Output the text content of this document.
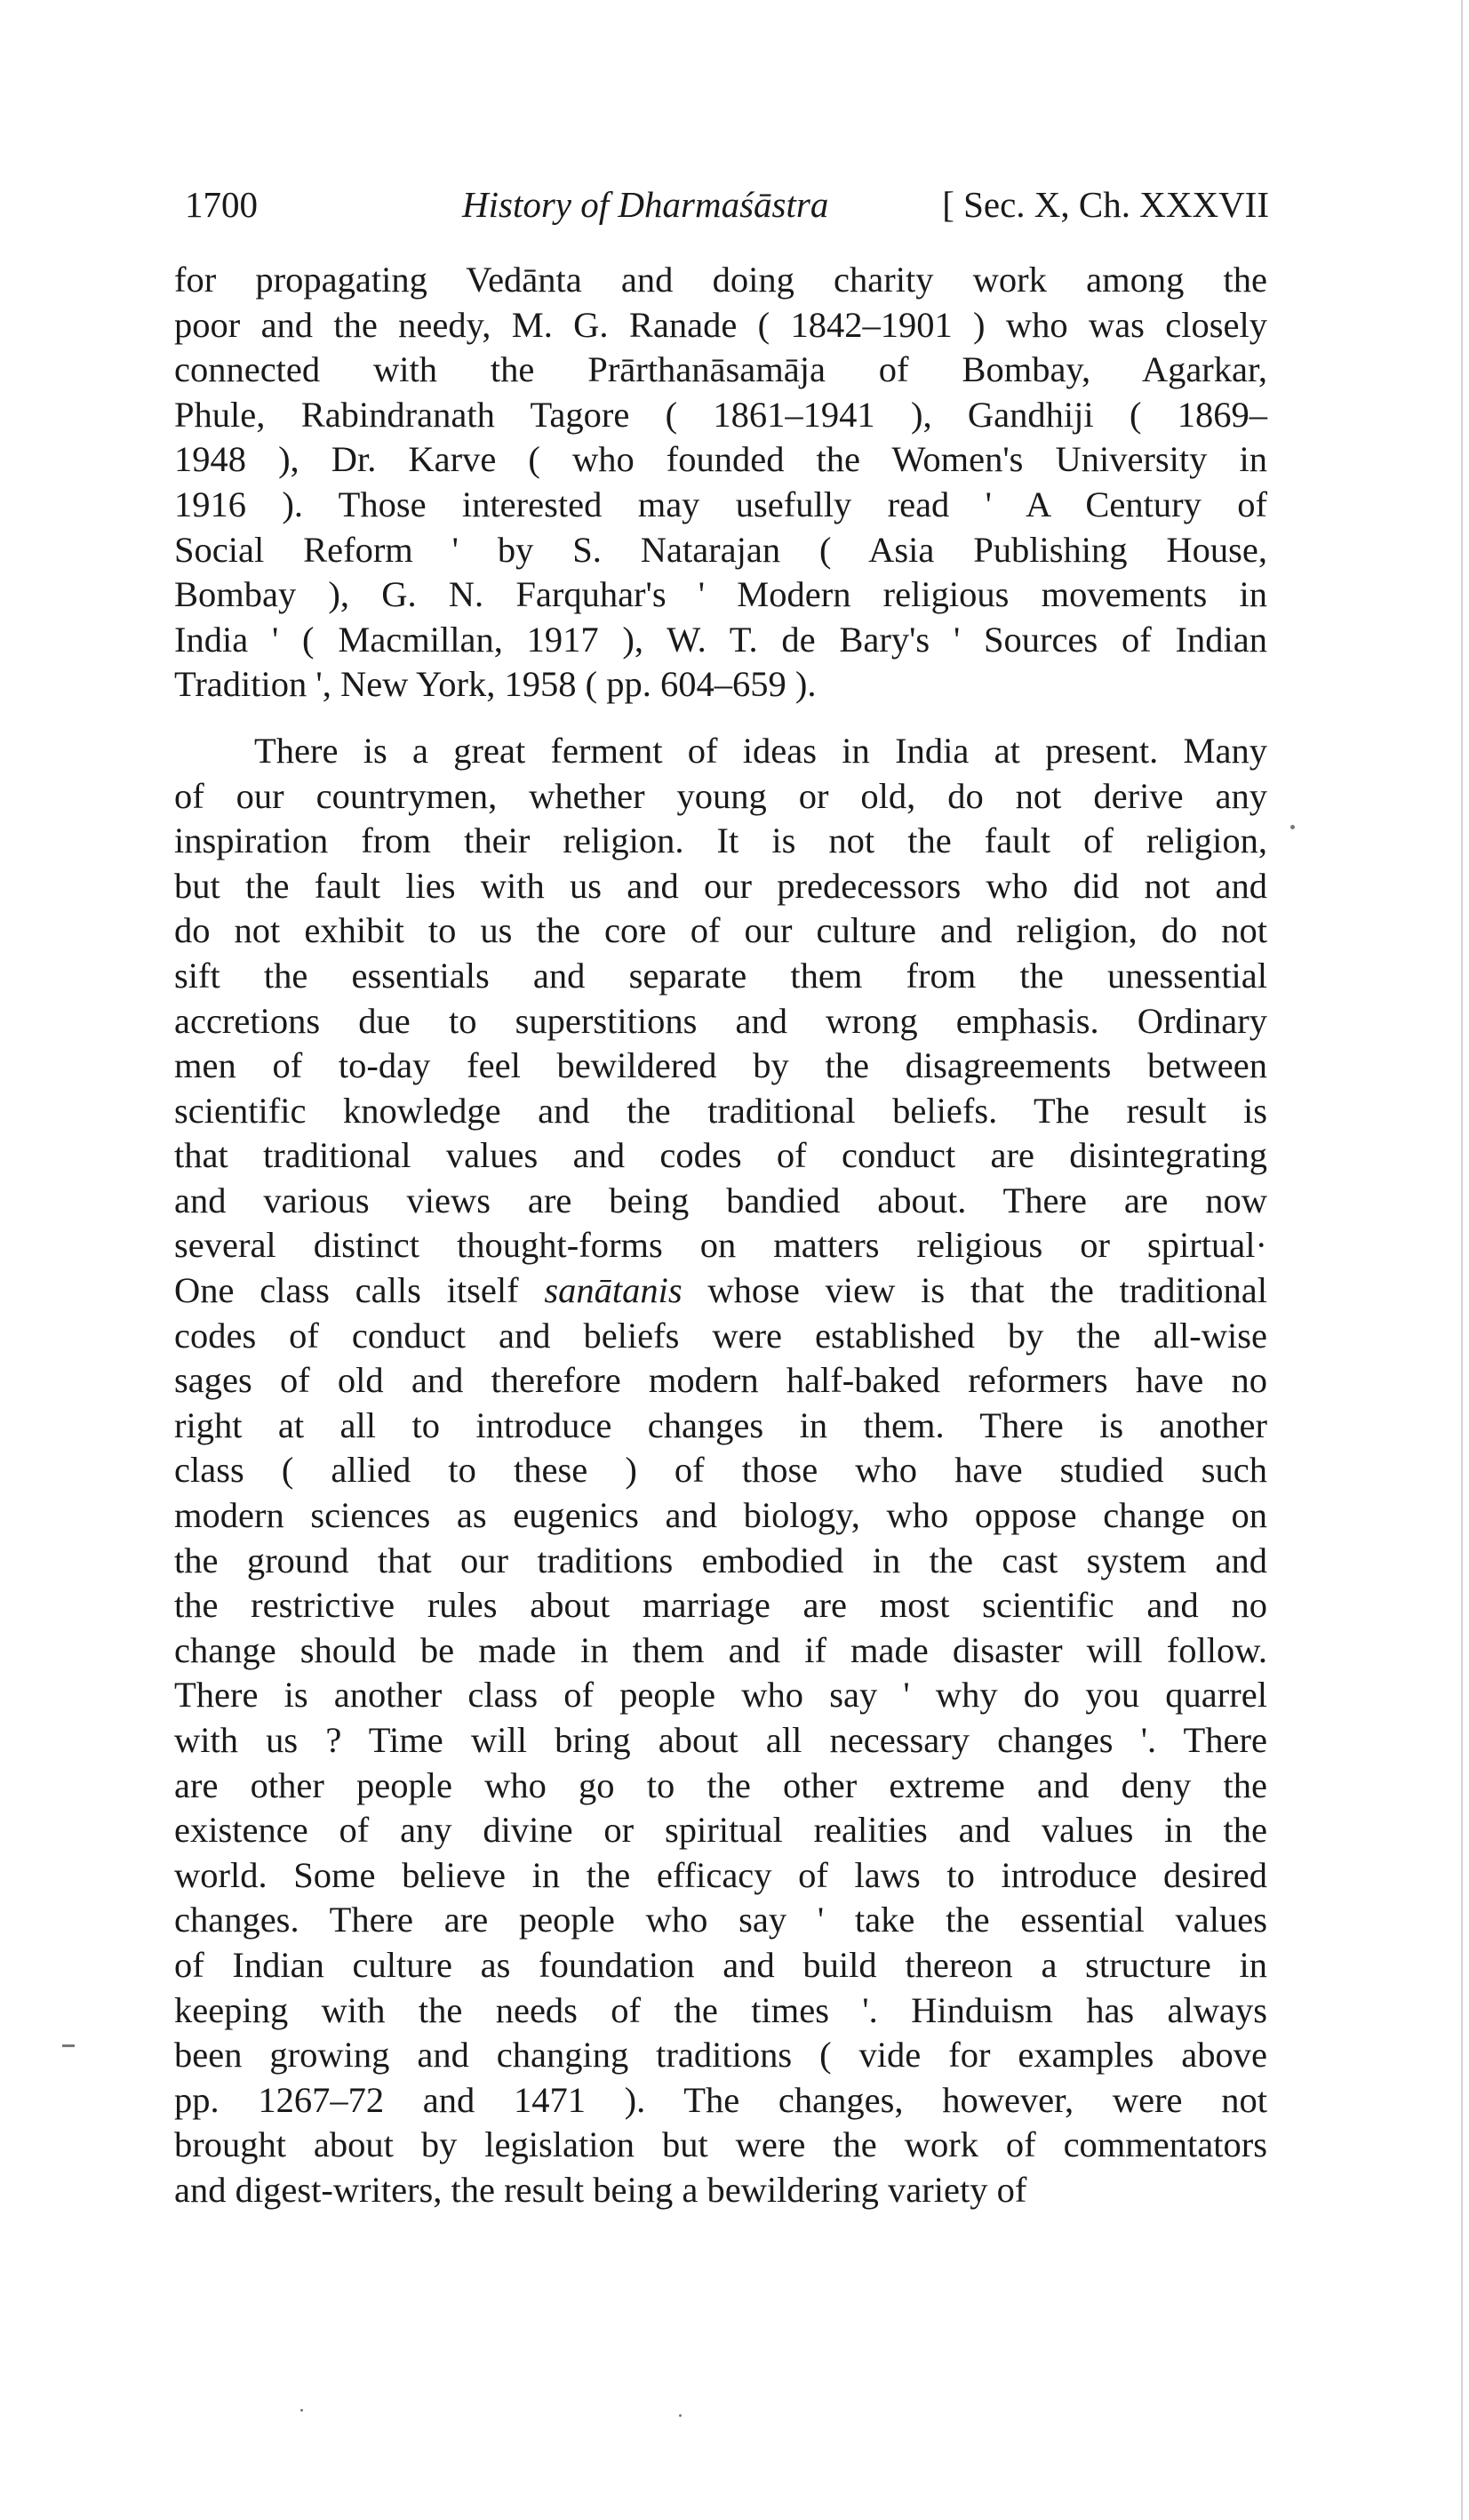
1700	History of Dharmaśāstra	[ Sec. X, Ch. XXXVII
for propagating Vedānta and doing charity work among the
poor and the needy, M. G. Ranade ( 1842–1901 ) who was closely
connected with the Prārthanāsamāja of Bombay, Agarkar,
Phule, Rabindranath Tagore ( 1861–1941 ), Gandhiji ( 1869–
1948 ), Dr. Karve ( who founded the Women's University in
1916 ). Those interested may usefully read ' A Century of
Social Reform ' by S. Natarajan ( Asia Publishing House,
Bombay ), G. N. Farquhar's ' Modern religious movements in
India ' ( Macmillan, 1917 ), W. T. de Bary's ' Sources of Indian
Tradition ', New York, 1958 ( pp. 604–659 ).
There is a great ferment of ideas in India at present. Many
of our countrymen, whether young or old, do not derive any
inspiration from their religion. It is not the fault of religion,
but the fault lies with us and our predecessors who did not and
do not exhibit to us the core of our culture and religion, do not
sift the essentials and separate them from the unessential
accretions due to superstitions and wrong emphasis. Ordinary
men of to-day feel bewildered by the disagreements between
scientific knowledge and the traditional beliefs. The result is
that traditional values and codes of conduct are disintegrating
and various views are being bandied about. There are now
several distinct thought-forms on matters religious or spirtual·
One class calls itself sanātanis whose view is that the traditional
codes of conduct and beliefs were established by the all-wise
sages of old and therefore modern half-baked reformers have no
right at all to introduce changes in them. There is another
class ( allied to these ) of those who have studied such
modern sciences as eugenics and biology, who oppose change on
the ground that our traditions embodied in the cast system and
the restrictive rules about marriage are most scientific and no
change should be made in them and if made disaster will follow.
There is another class of people who say ' why do you quarrel
with us ? Time will bring about all necessary changes '. There
are other people who go to the other extreme and deny the
existence of any divine or spiritual realities and values in the
world. Some believe in the efficacy of laws to introduce desired
changes. There are people who say ' take the essential values
of Indian culture as foundation and build thereon a structure in
keeping with the needs of the times '. Hinduism has always
been growing and changing traditions ( vide for examples above
pp. 1267–72 and 1471 ). The changes, however, were not
brought about by legislation but were the work of commentators
and digest-writers, the result being a bewildering variety of
